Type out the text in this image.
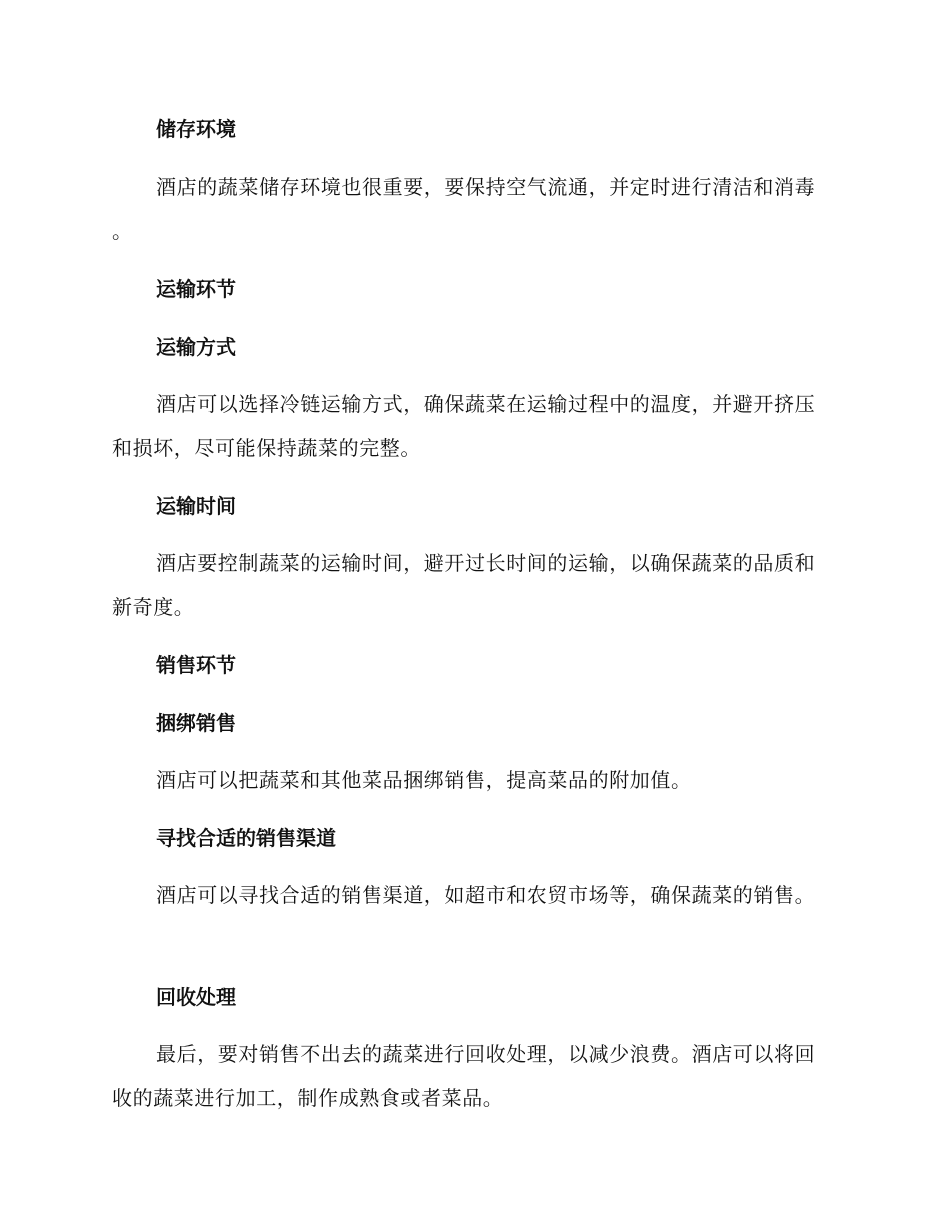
储存环境
酒店的蔬菜储存环境也很重要，要保持空气流通，并定时进行清洁和消毒。
运输环节
运输方式
酒店可以选择冷链运输方式，确保蔬菜在运输过程中的温度，并避开挤压和损坏，尽可能保持蔬菜的完整。
运输时间
酒店要控制蔬菜的运输时间，避开过长时间的运输，以确保蔬菜的品质和新奇度。
销售环节
捆绑销售
酒店可以把蔬菜和其他菜品捆绑销售，提高菜品的附加值。
寻找合适的销售渠道
酒店可以寻找合适的销售渠道，如超市和农贸市场等，确保蔬菜的销售。
回收处理
最后，要对销售不出去的蔬菜进行回收处理，以减少浪费。酒店可以将回收的蔬菜进行加工，制作成熟食或者菜品。
